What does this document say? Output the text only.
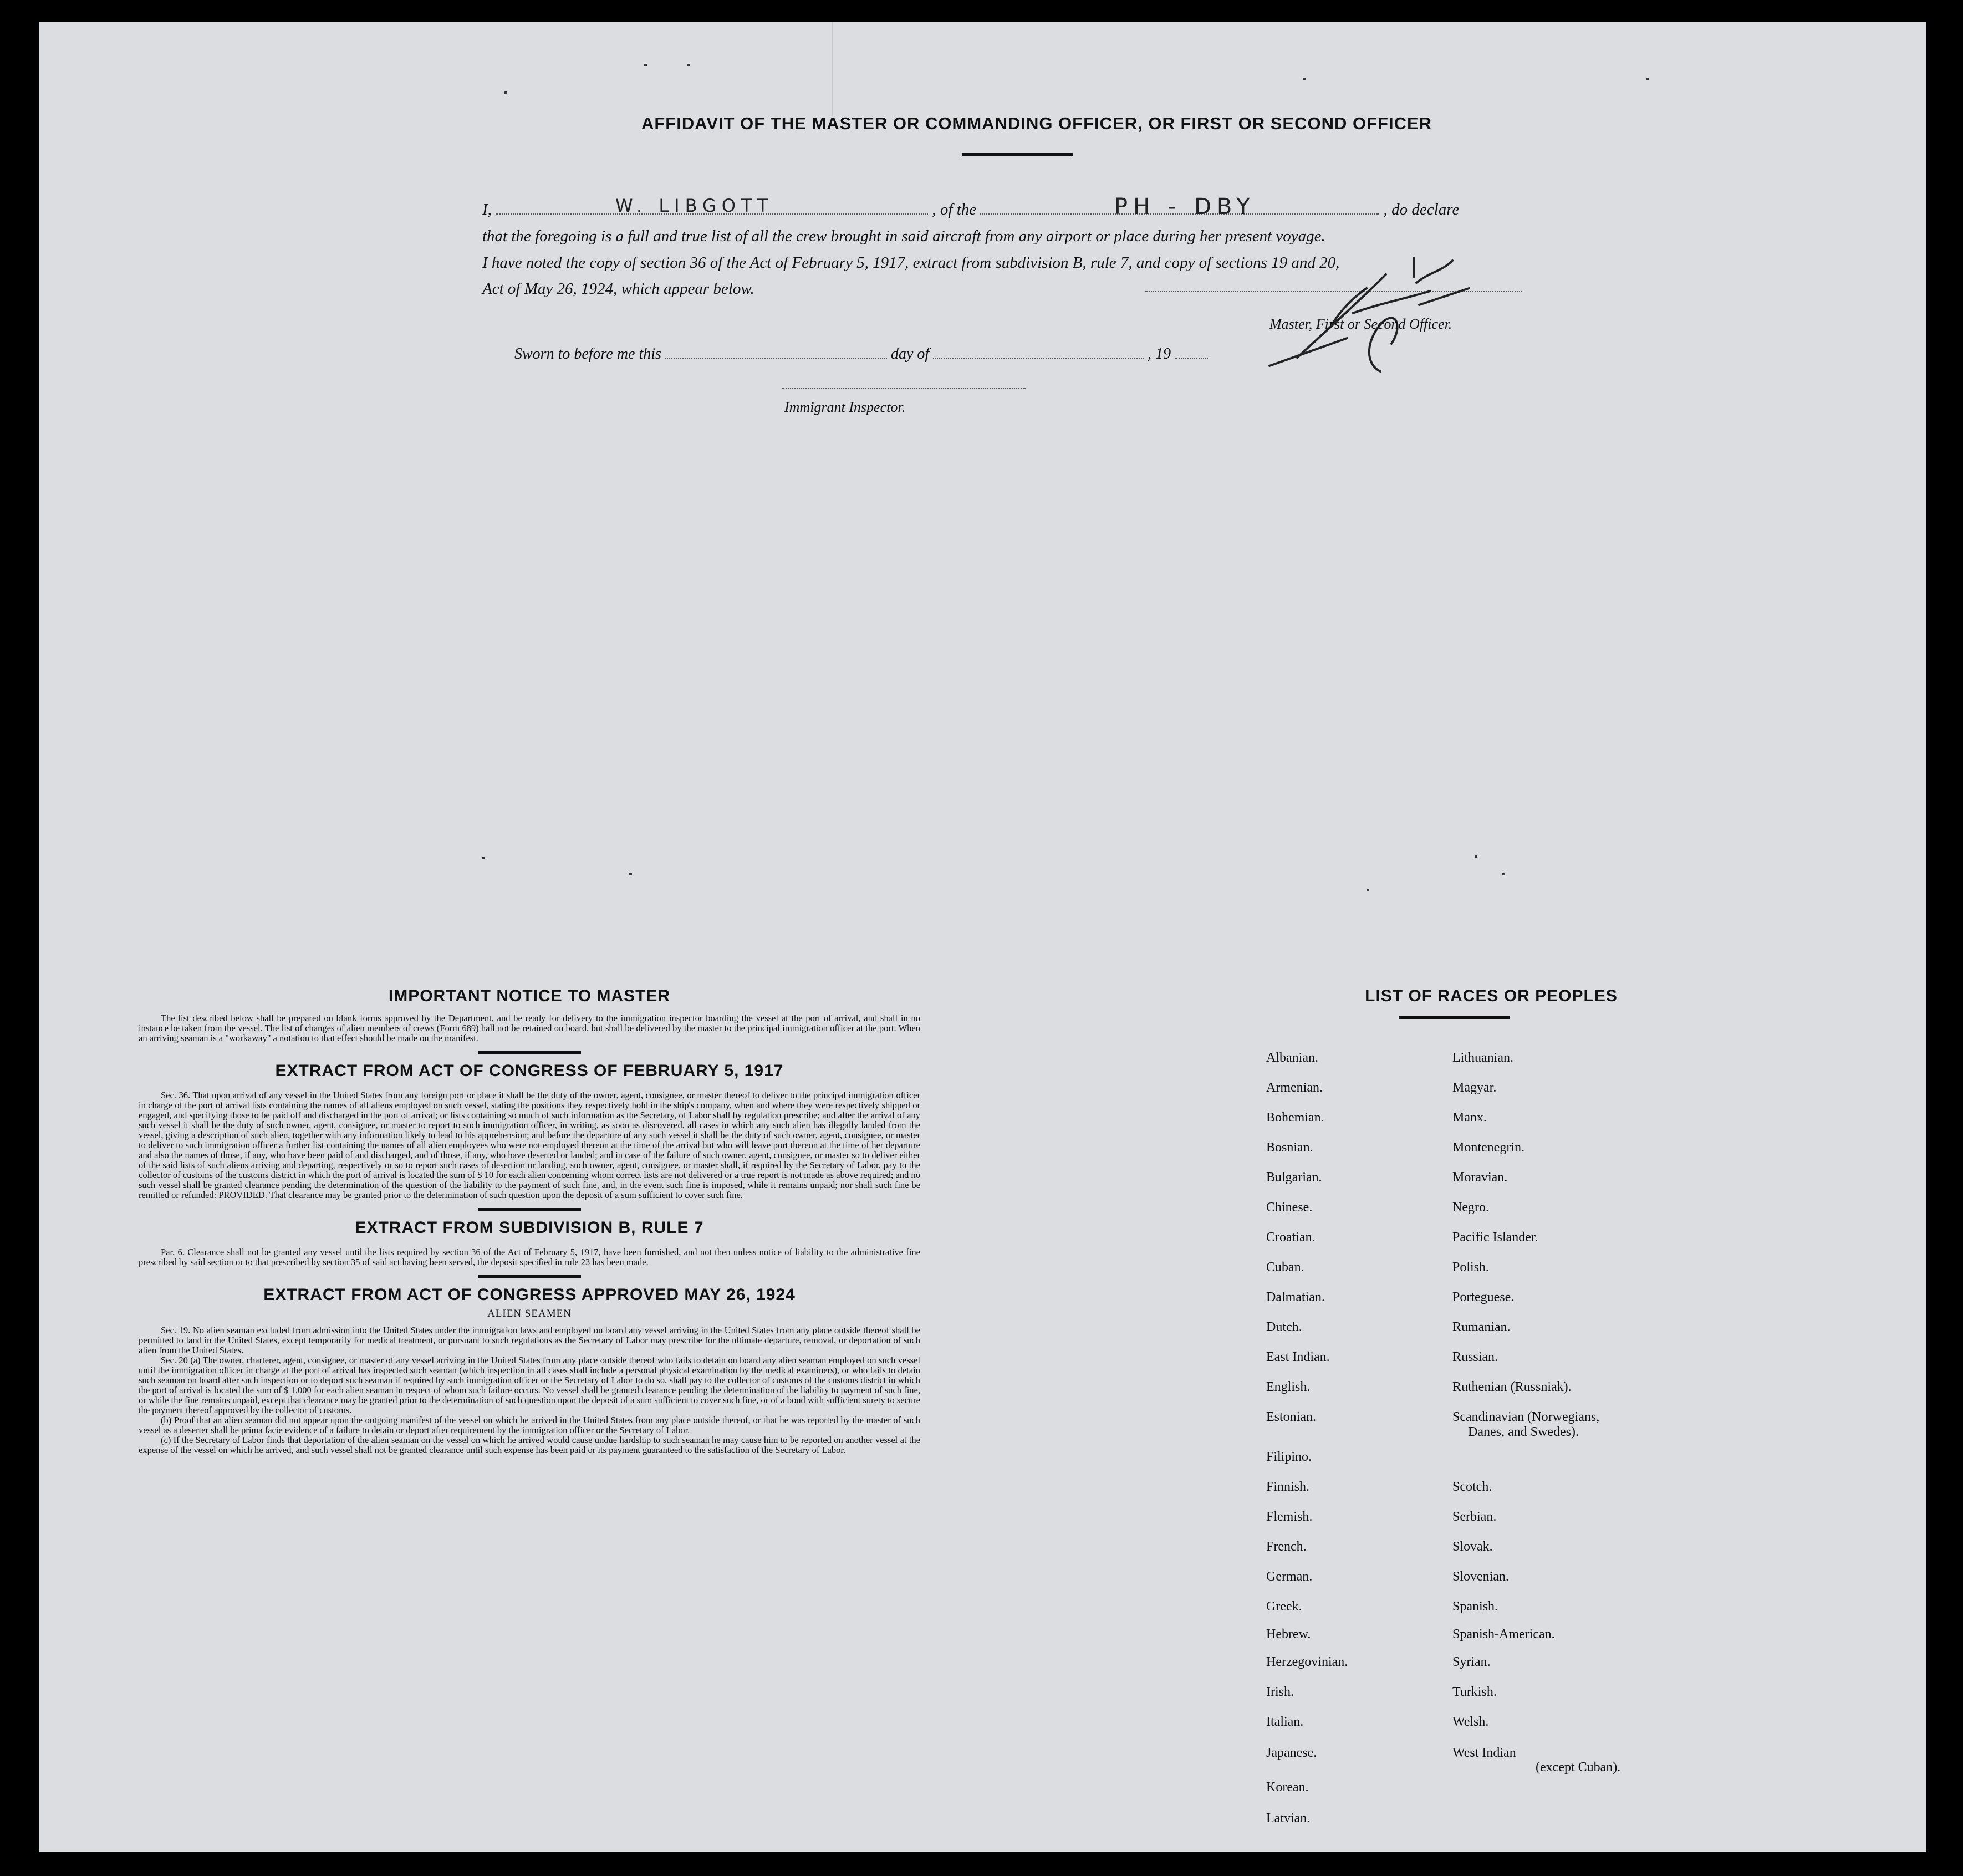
AFFIDAVIT OF THE MASTER OR COMMANDING OFFICER, OR FIRST OR SECOND OFFICER
I,	, of the	, do declare
W. LIBGOTT	PH - DBY
that the foregoing is a full and true list of all the crew brought in said aircraft from any airport or place during her present voyage.
I have noted the copy of section 36 of the Act of February 5, 1917, extract from subdivision B, rule 7, and copy of sections 19 and 20,
Act of May 26, 1924, which appear below.
Master, First or Second Officer.
Sworn to before me this	day of	, 19
Immigrant Inspector.
IMPORTANT NOTICE TO MASTER

The list described below shall be prepared on blank forms approved by the Department, and be ready for delivery to the immigration inspector boarding the vessel at the port of arrival, and shall in no instance be taken from the vessel. The list of changes of alien members of crews (Form 689) hall not be retained on board, but shall be delivered by the master to the principal immigration officer at the port. When an arriving seaman is a "workaway" a notation to that effect should be made on the manifest.

EXTRACT FROM ACT OF CONGRESS OF FEBRUARY 5, 1917

Sec. 36. That upon arrival of any vessel in the United States from any foreign port or place it shall be the duty of the owner, agent, consignee, or master thereof to deliver to the principal immigration officer in charge of the port of arrival lists containing the names of all aliens employed on such vessel, stating the positions they respectively hold in the ship's company, when and where they were respectively shipped or engaged, and specifying those to be paid off and discharged in the port of arrival; or lists containing so much of such information as the Secretary, of Labor shall by regulation prescribe; and after the arrival of any such vessel it shall be the duty of such owner, agent, consignee, or master to report to such immigration officer, in writing, as soon as discovered, all cases in which any such alien has illegally landed from the vessel, giving a description of such alien, together with any information likely to lead to his apprehension; and before the departure of any such vessel it shall be the duty of such owner, agent, consignee, or master to deliver to such immigration officer a further list containing the names of all alien employees who were not employed thereon at the time of the arrival but who will leave port thereon at the time of her departure and also the names of those, if any, who have been paid of and discharged, and of those, if any, who have deserted or landed; and in case of the failure of such owner, agent, consignee, or master so to deliver either of the said lists of such aliens arriving and departing, respectively or so to report such cases of desertion or landing, such owner, agent, consignee, or master shall, if required by the Secretary of Labor, pay to the collector of customs of the customs district in which the port of arrival is located the sum of $ 10 for each alien concerning whom correct lists are not delivered or a true report is not made as above required; and no such vessel shall be granted clearance pending the determination of the question of the liability to the payment of such fine, and, in the event such fine is imposed, while it remains unpaid; nor shall such fine be remitted or refunded: PROVIDED. That clearance may be granted prior to the determination of such question upon the deposit of a sum sufficient to cover such fine.

EXTRACT FROM SUBDIVISION B, RULE 7

Par. 6. Clearance shall not be granted any vessel until the lists required by section 36 of the Act of February 5, 1917, have been furnished, and not then unless notice of liability to the administrative fine prescribed by said section or to that prescribed by section 35 of said act having been served, the deposit specified in rule 23 has been made.

EXTRACT FROM ACT OF CONGRESS APPROVED MAY 26, 1924
ALIEN SEAMEN

Sec. 19. No alien seaman excluded from admission into the United States under the immigration laws and employed on board any vessel arriving in the United States from any place outside thereof shall be permitted to land in the United States, except temporarily for medical treatment, or pursuant to such regulations as the Secretary of Labor may prescribe for the ultimate departure, removal, or deportation of such alien from the United States.

Sec. 20 (a) The owner, charterer, agent, consignee, or master of any vessel arriving in the United States from any place outside thereof who fails to detain on board any alien seaman employed on such vessel until the immigration officer in charge at the port of arrival has inspected such seaman (which inspection in all cases shall include a personal physical examination by the medical examiners), or who fails to detain such seaman on board after such inspection or to deport such seaman if required by such immigration officer or the Secretary of Labor to do so, shall pay to the collector of customs of the customs district in which the port of arrival is located the sum of $ 1.000 for each alien seaman in respect of whom such failure occurs. No vessel shall be granted clearance pending the determination of the liability to payment of such fine, or while the fine remains unpaid, except that clearance may be granted prior to the determination of such question upon the deposit of a sum sufficient to cover such fine, or of a bond with sufficient surety to secure the payment thereof approved by the collector of customs.

(b) Proof that an alien seaman did not appear upon the outgoing manifest of the vessel on which he arrived in the United States from any place outside thereof, or that he was reported by the master of such vessel as a deserter shall be prima facie evidence of a failure to detain or deport after requirement by the immigration officer or the Secretary of Labor.

(c) If the Secretary of Labor finds that deportation of the alien seaman on the vessel on which he arrived would cause undue hardship to such seaman he may cause him to be reported on another vessel at the expense of the vessel on which he arrived, and such vessel shall not be granted clearance until such expense has been paid or its payment guaranteed to the satisfaction of the Secretary of Labor.

LIST OF RACES OR PEOPLES
Albanian.
Armenian.
Bohemian.
Bosnian.
Bulgarian.
Chinese.
Croatian.
Cuban.
Dalmatian.
Dutch.
East Indian.
English.
Estonian.
Filipino.
Finnish.
Flemish.
French.
German.
Greek.
Hebrew.
Herzegovinian.
Irish.
Italian.
Japanese.
Korean.
Latvian.
Lithuanian.
Magyar.
Manx.
Montenegrin.
Moravian.
Negro.
Pacific Islander.
Polish.
Porteguese.
Rumanian.
Russian.
Ruthenian (Russniak).
Scandinavian (Norwegians,
Danes, and Swedes).
Scotch.
Serbian.
Slovak.
Slovenian.
Spanish.
Spanish-American.
Syrian.
Turkish.
Welsh.
West Indian
(except Cuban).
